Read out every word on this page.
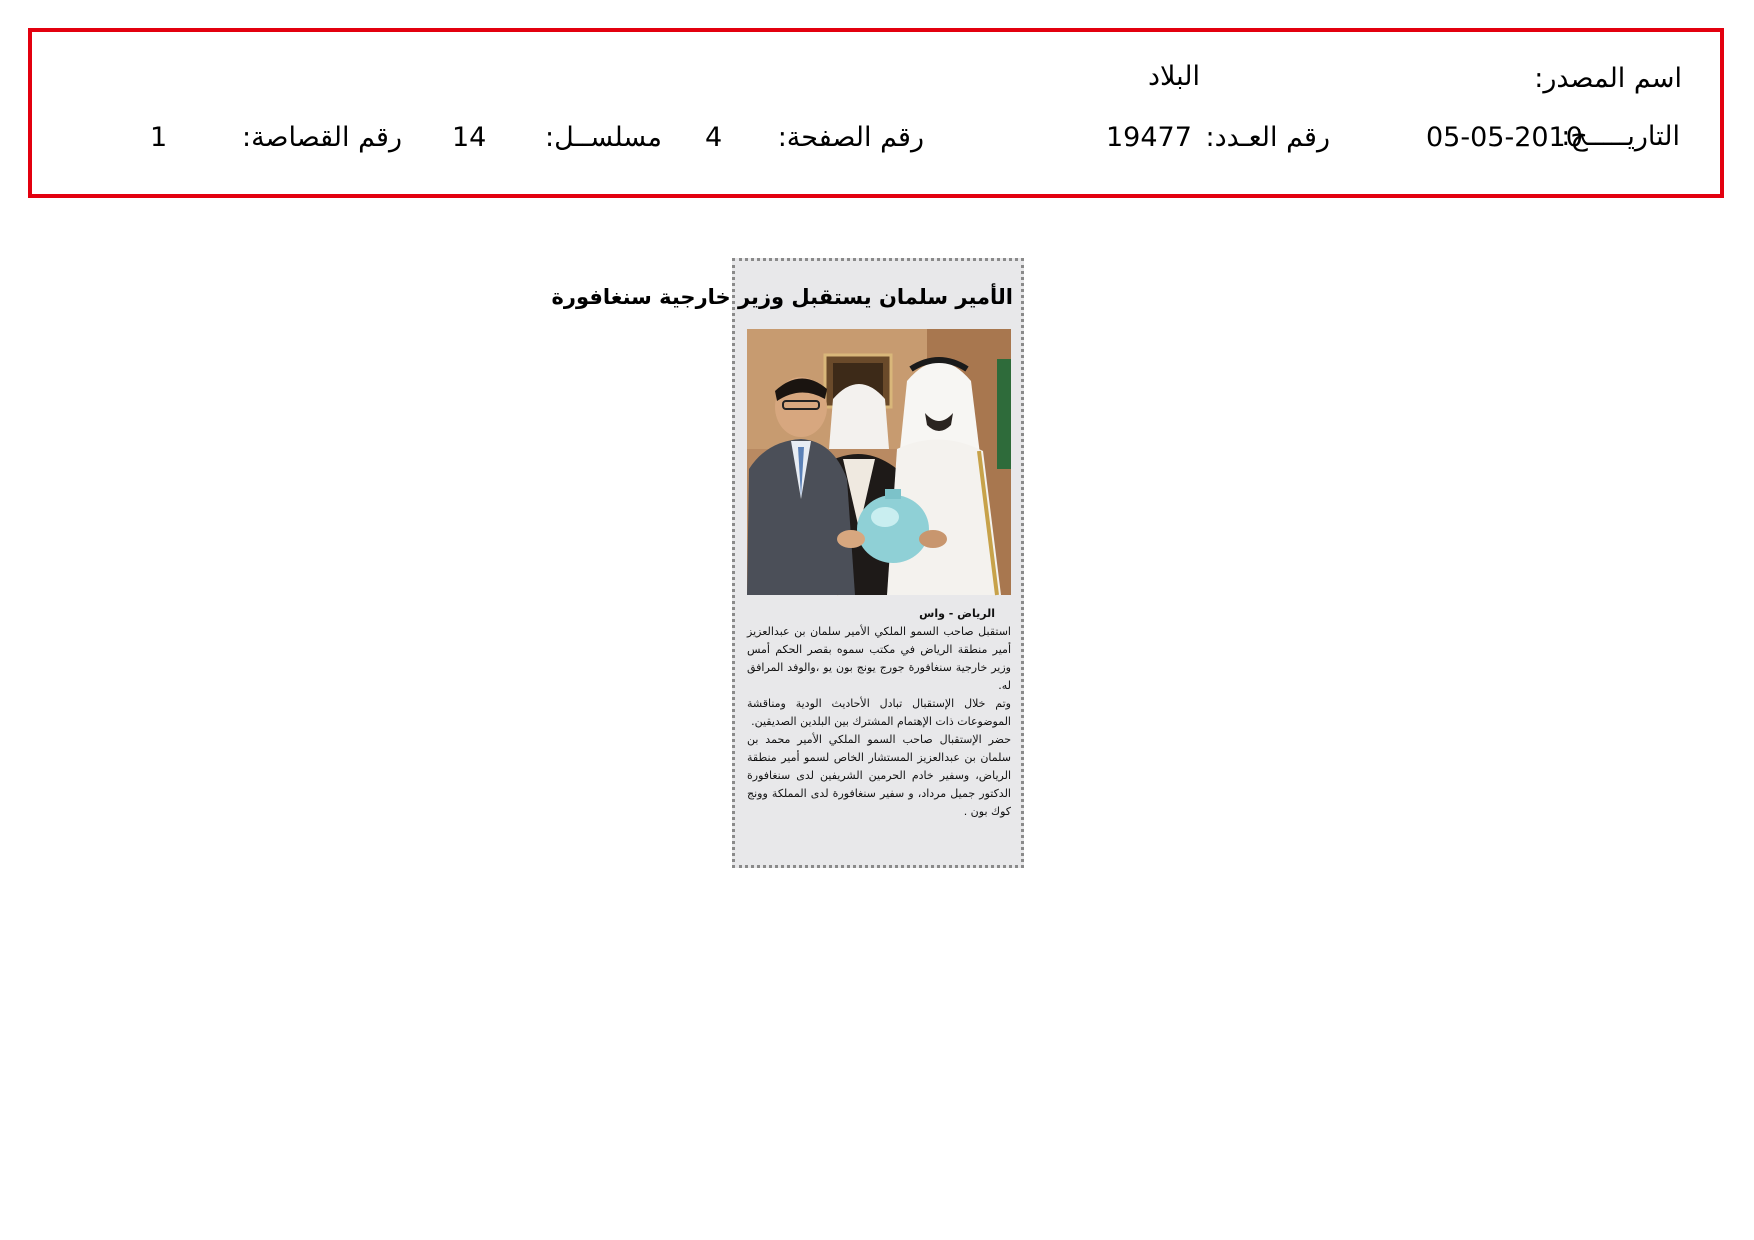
اسم المصدر:
البلاد
التاريـــــخ:
05-05-2010
رقم العـدد:
19477
رقم الصفحة:
4
مسلســل:
14
رقم القصاصة:
1
الأمير سلمان يستقبل وزير خارجية سنغافورة
الرياض - واس
استقبل صاحب السمو الملكي الأمير سلمان بن عبدالعزيز أمير منطقة الرياض في مكتب سموه بقصر الحكم أمس وزير خارجية سنغافورة جورج يونج بون يو ،والوفد المرافق له.
وتم خلال الإستقبال تبادل الأحاديث الودية ومناقشة الموضوعات ذات الإهتمام المشترك بين البلدين الصديقين.
حضر الإستقبال صاحب السمو الملكي الأمير محمد بن سلمان بن عبدالعزيز المستشار الخاص لسمو أمير منطقة الرياض، وسفير خادم الحرمين الشريفين لدى سنغافورة الدكتور جميل مرداد، و سفير سنغافورة لدى المملكة وونج كوك بون .
